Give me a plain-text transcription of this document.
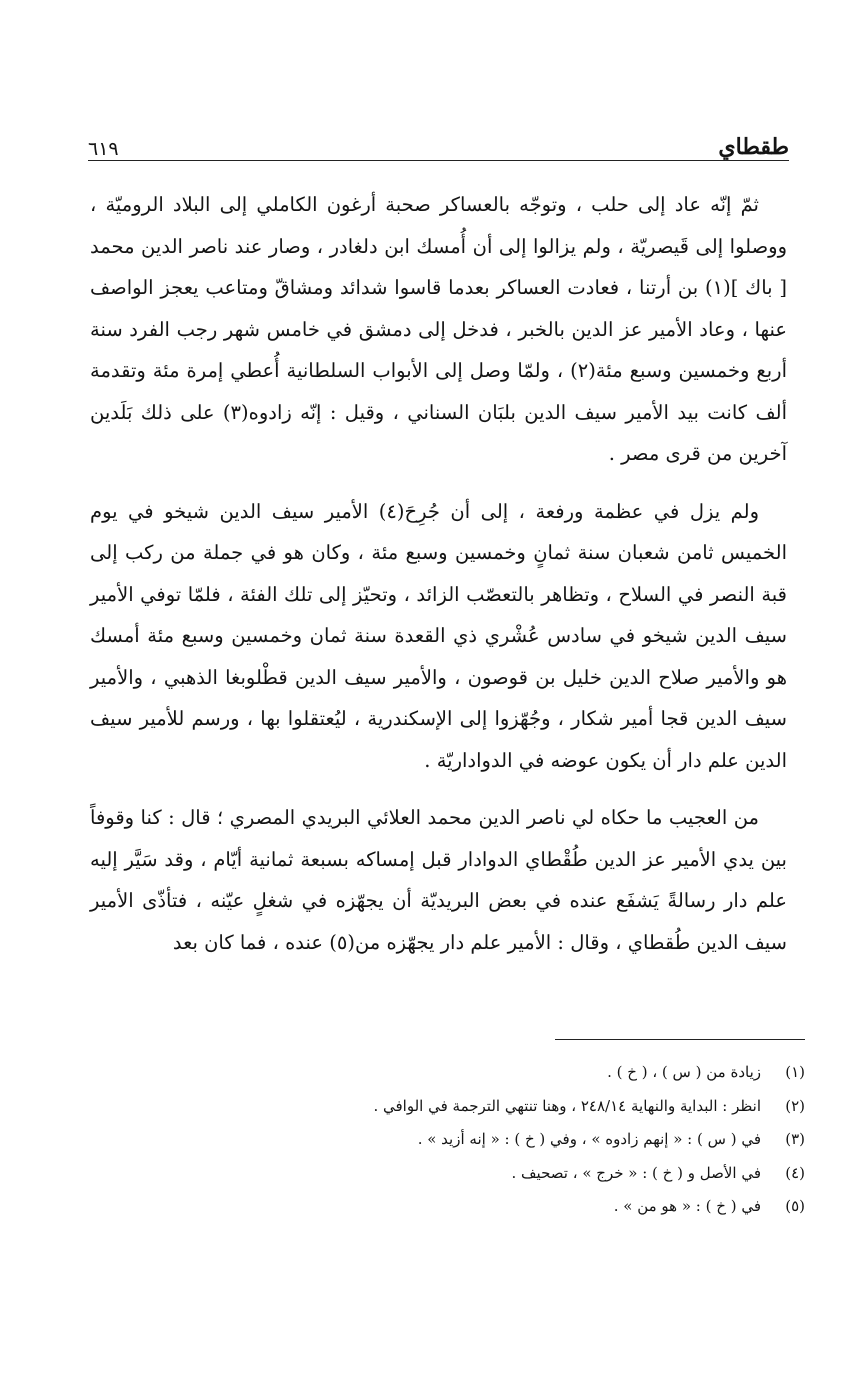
طقطاي
٦١٩

ثمّ إنّه عاد إلى حلب ، وتوجّه بالعساكر صحبة أرغون الكاملي إلى البلاد الروميّة ، ووصلوا إلى قَيصريّة ، ولم يزالوا إلى أن أُمسك ابن دلغادر ، وصار عند ناصر الدين محمد [ باك ](١) بن أرتنا ، فعادت العساكر بعدما قاسوا شدائد ومشاقّ ومتاعب يعجز الواصف عنها ، وعاد الأمير عز الدين بالخبر ، فدخل إلى دمشق في خامس شهر رجب الفرد سنة أربع وخمسين وسبع مئة(٢) ، ولمّا وصل إلى الأبواب السلطانية أُعطي إمرة مئة وتقدمة ألف كانت بيد الأمير سيف الدين بلبَان السناني ، وقيل : إنّه زادوه(٣) على ذلك بَلَدين آخرين من قرى مصر .

ولم يزل في عظمة ورفعة ، إلى أن جُرِحَ(٤) الأمير سيف الدين شيخو في يوم الخميس ثامن شعبان سنة ثمانٍ وخمسين وسبع مئة ، وكان هو في جملة من ركب إلى قبة النصر في السلاح ، وتظاهر بالتعصّب الزائد ، وتحيّز إلى تلك الفئة ، فلمّا توفي الأمير سيف الدين شيخو في سادس عُشْري ذي القعدة سنة ثمان وخمسين وسبع مئة أمسك هو والأمير صلاح الدين خليل بن قوصون ، والأمير سيف الدين قطْلوبغا الذهبي ، والأمير سيف الدين قجا أمير شكار ، وجُهّزوا إلى الإسكندرية ، ليُعتقلوا بها ، ورسم للأمير سيف الدين علم دار أن يكون عوضه في الدواداريّة .

من العجيب ما حكاه لي ناصر الدين محمد العلائي البريدي المصري ؛ قال : كنا وقوفاً بين يدي الأمير عز الدين طُقْطاي الدوادار قبل إمساكه بسبعة ثمانية أيّام ، وقد سَيَّر إليه علم دار رسالةً يَشفَع عنده في بعض البريديّة أن يجهّزه في شغلٍ عيّنه ، فتأذّى الأمير سيف الدين طُقطاي ، وقال : الأمير علم دار يجهّزه من(٥) عنده ، فما كان بعد

(١)
زيادة من ( س ) ، ( خ ) .
(٢)
انظر : البداية والنهاية ٢٤٨/١٤ ، وهنا تنتهي الترجمة في الوافي .
(٣)
في ( س ) : « إنهم زادوه » ، وفي ( خ ) : « إنه أزيد » .
(٤)
في الأصل و ( خ ) : « خرج » ، تصحيف .
(٥)
في ( خ ) : « هو من » .
